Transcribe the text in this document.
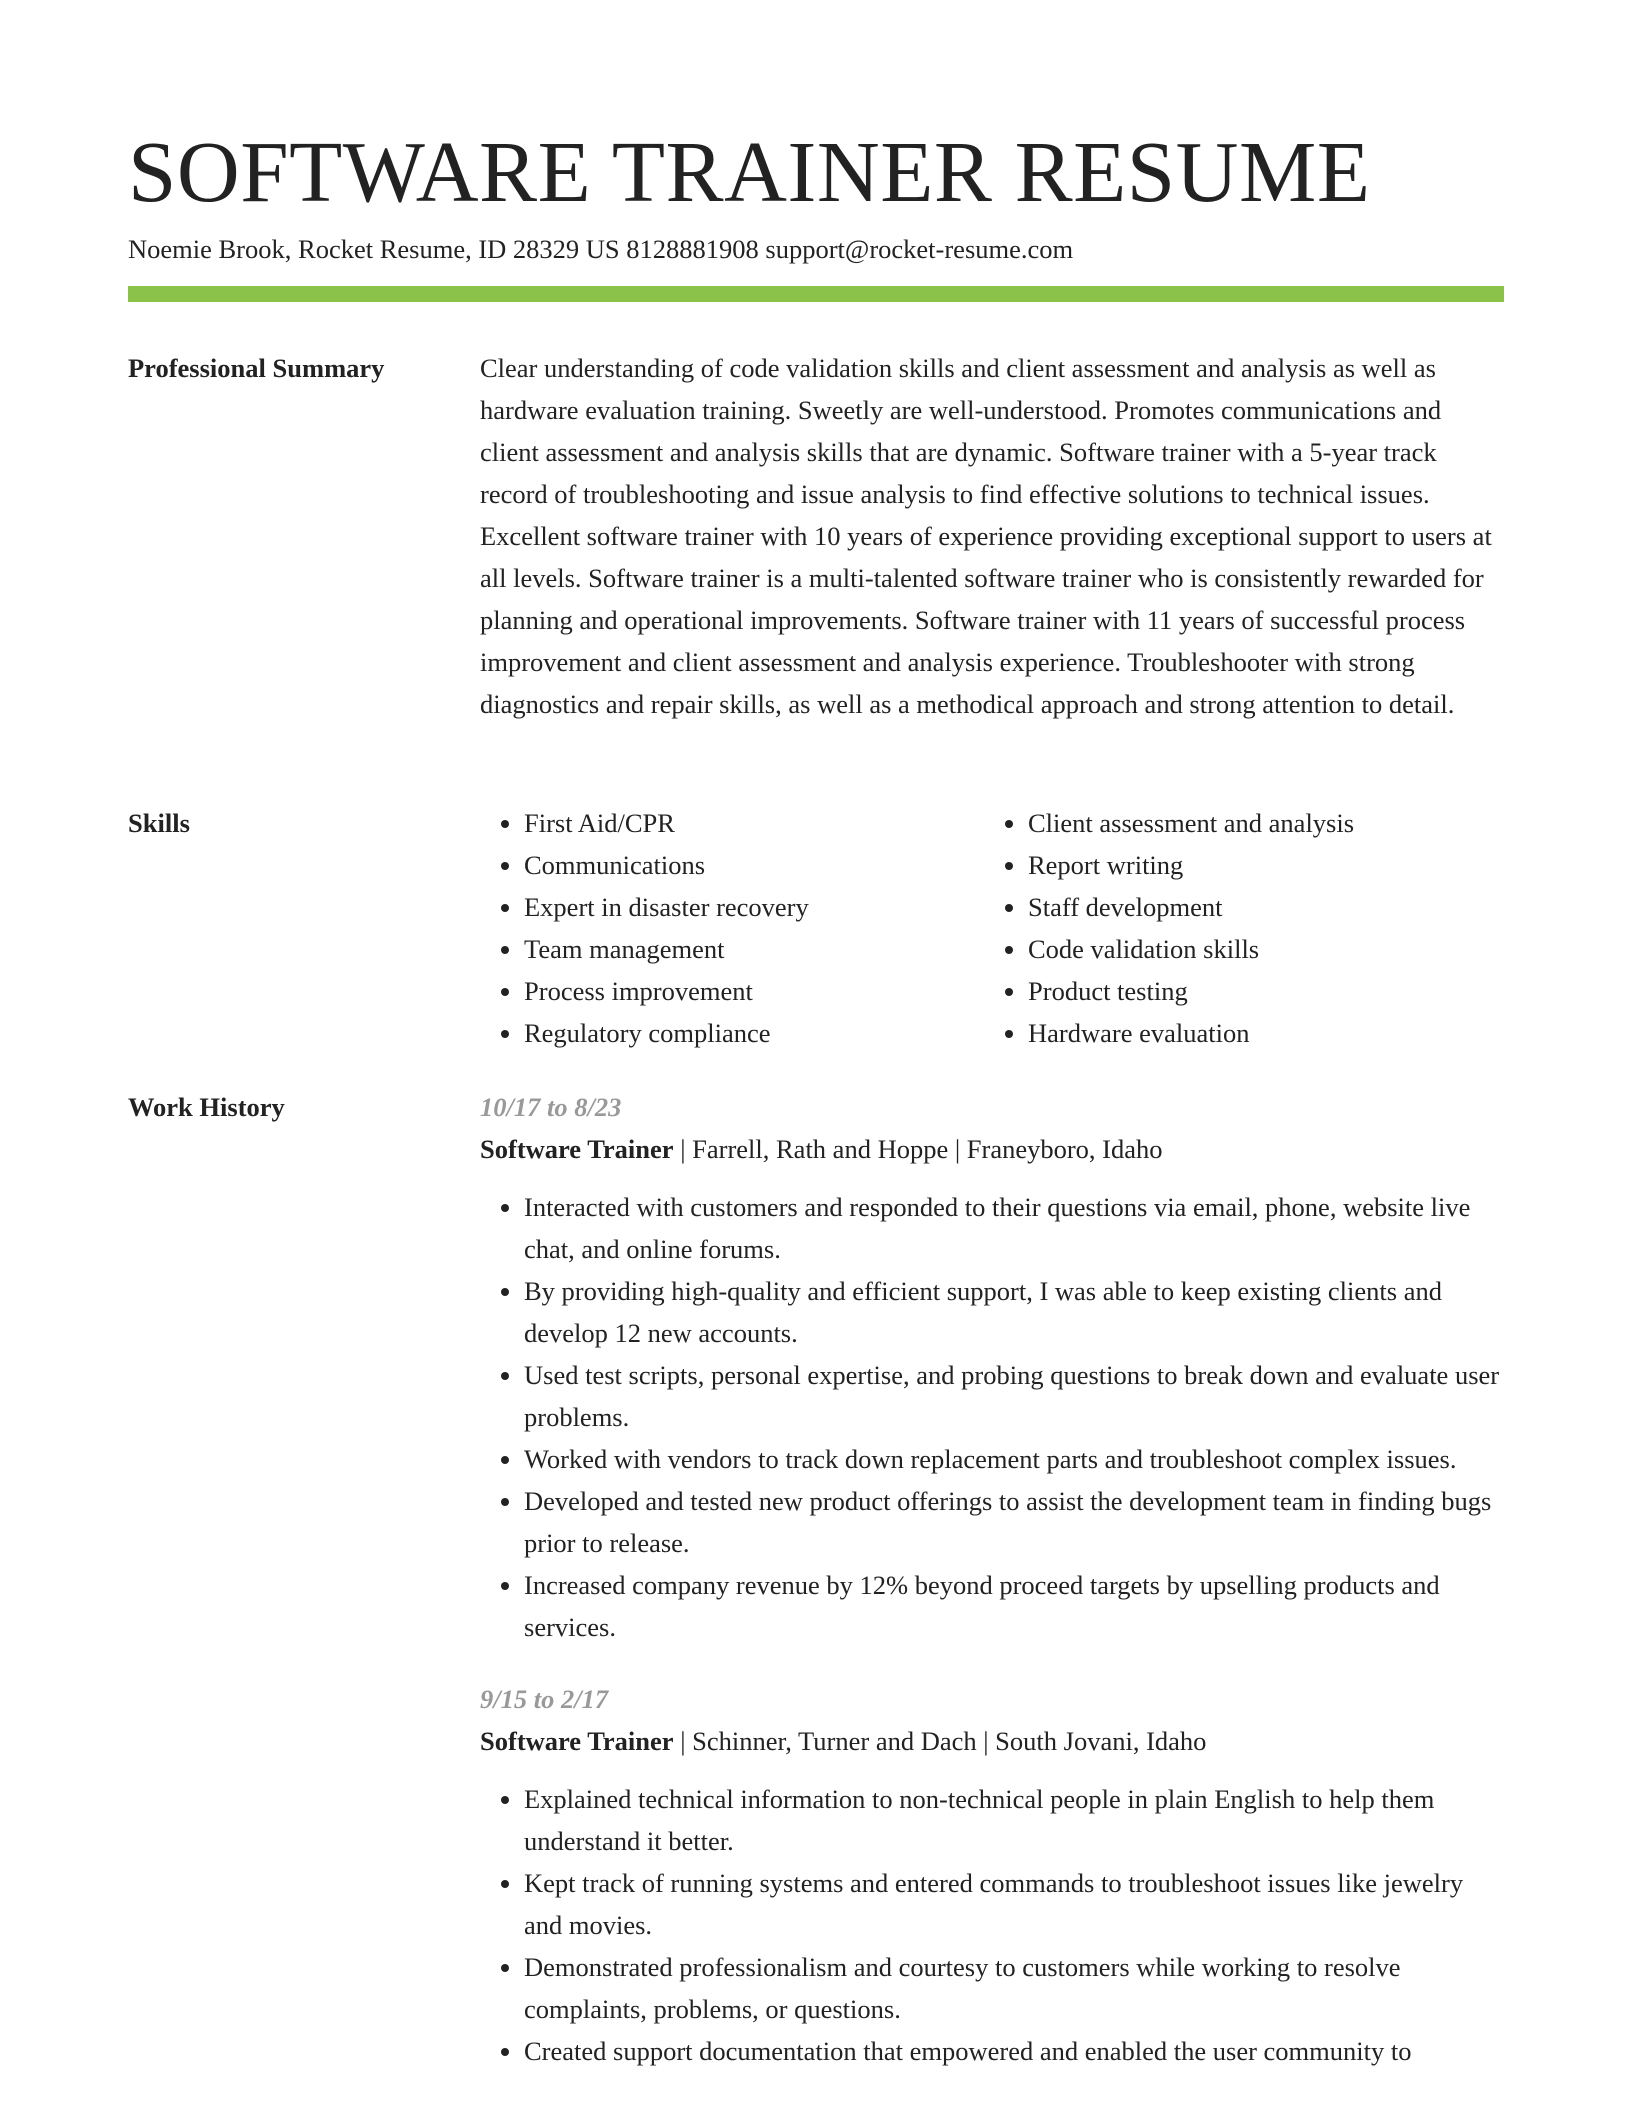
SOFTWARE TRAINER RESUME
Noemie Brook, Rocket Resume, ID 28329 US 8128881908 support@rocket-resume.com
Professional Summary	Clear understanding of code validation skills and client assessment and analysis as well as hardware evaluation training. Sweetly are well-understood. Promotes communications and client assessment and analysis skills that are dynamic. Software trainer with a 5-year track record of troubleshooting and issue analysis to find effective solutions to technical issues. Excellent software trainer with 10 years of experience providing exceptional support to users at all levels. Software trainer is a multi-talented software trainer who is consistently rewarded for planning and operational improvements. Software trainer with 11 years of successful process improvement and client assessment and analysis experience. Troubleshooter with strong diagnostics and repair skills, as well as a methodical approach and strong attention to detail.

Skills
•	First Aid/CPR
• Communications
• Expert in disaster recovery
• Team management
• Process improvement
• Regulatory compliance
• Client assessment and analysis
• Report writing
• Staff development
• Code validation skills
• Product testing
• Hardware evaluation
Work History	10/17 to 8/23

Software Trainer | Farrell, Rath and Hoppe | Franeyboro, Idaho

• Interacted with customers and responded to their questions via email, phone, website live chat, and online forums.
• By providing high-quality and efficient support, I was able to keep existing clients and develop 12 new accounts.
• Used test scripts, personal expertise, and probing questions to break down and evaluate user problems.
• Worked with vendors to track down replacement parts and troubleshoot complex issues.
• Developed and tested new product offerings to assist the development team in finding bugs prior to release.
• Increased company revenue by 12% beyond proceed targets by upselling products and services.

9/15 to 2/17

Software Trainer | Schinner, Turner and Dach | South Jovani, Idaho

• Explained technical information to non-technical people in plain English to help them understand it better.
• Kept track of running systems and entered commands to troubleshoot issues like jewelry and movies.
• Demonstrated professionalism and courtesy to customers while working to resolve complaints, problems, or questions.
• Created support documentation that empowered and enabled the user community to
